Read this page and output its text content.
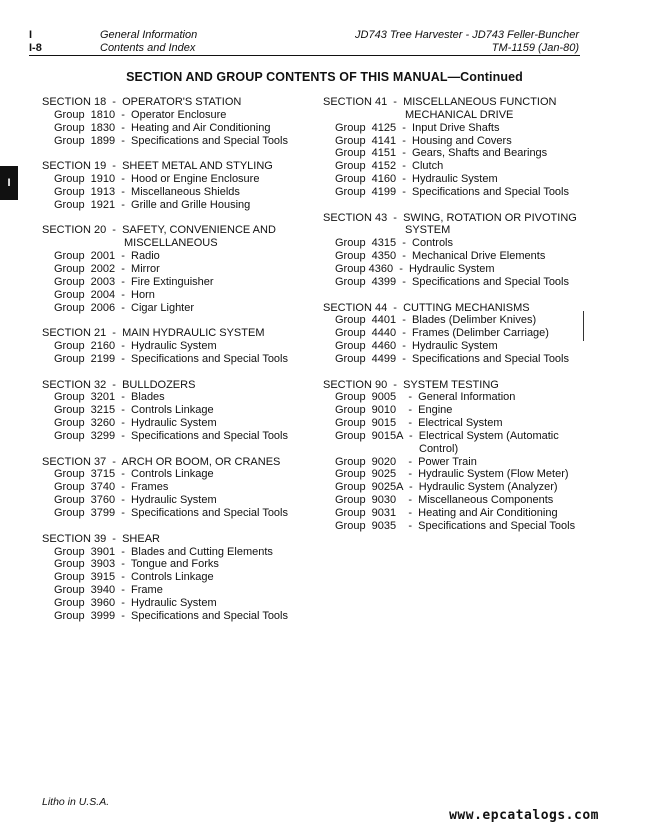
I
I-8
General Information
Contents and Index
JD743 Tree Harvester - JD743 Feller-Buncher
TM-1159 (Jan-80)
SECTION AND GROUP CONTENTS OF THIS MANUAL—Continued
I
SECTION 18  -  OPERATOR'S STATION
Group  1810  -  Operator Enclosure
Group  1830  -  Heating and Air Conditioning
Group  1899  -  Specifications and Special Tools
SECTION 19  -  SHEET METAL AND STYLING
Group  1910  -  Hood or Engine Enclosure
Group  1913  -  Miscellaneous Shields
Group  1921  -  Grille and Grille Housing
SECTION 20  -  SAFETY, CONVENIENCE AND
MISCELLANEOUS
Group  2001  -  Radio
Group  2002  -  Mirror
Group  2003  -  Fire Extinguisher
Group  2004  -  Horn
Group  2006  -  Cigar Lighter
SECTION 21  -  MAIN HYDRAULIC SYSTEM
Group  2160  -  Hydraulic System
Group  2199  -  Specifications and Special Tools
SECTION 32  -  BULLDOZERS
Group  3201  -  Blades
Group  3215  -  Controls Linkage
Group  3260  -  Hydraulic System
Group  3299  -  Specifications and Special Tools
SECTION 37  -  ARCH OR BOOM, OR CRANES
Group  3715  -  Controls Linkage
Group  3740  -  Frames
Group  3760  -  Hydraulic System
Group  3799  -  Specifications and Special Tools
SECTION 39  -  SHEAR
Group  3901  -  Blades and Cutting Elements
Group  3903  -  Tongue and Forks
Group  3915  -  Controls Linkage
Group  3940  -  Frame
Group  3960  -  Hydraulic System
Group  3999  -  Specifications and Special Tools
SECTION 41  -  MISCELLANEOUS FUNCTION
MECHANICAL DRIVE
Group  4125  -  Input Drive Shafts
Group  4141  -  Housing and Covers
Group  4151  -  Gears, Shafts and Bearings
Group  4152  -  Clutch
Group  4160  -  Hydraulic System
Group  4199  -  Specifications and Special Tools
SECTION 43  -  SWING, ROTATION OR PIVOTING
SYSTEM
Group  4315  -  Controls
Group  4350  -  Mechanical Drive Elements
Group 4360  -  Hydraulic System
Group  4399  -  Specifications and Special Tools
SECTION 44  -  CUTTING MECHANISMS
Group  4401  -  Blades (Delimber Knives)
Group  4440  -  Frames (Delimber Carriage)
Group  4460  -  Hydraulic System
Group  4499  -  Specifications and Special Tools
SECTION 90  -  SYSTEM TESTING
Group  9005    -  General Information
Group  9010    -  Engine
Group  9015    -  Electrical System
Group  9015A  -  Electrical System (Automatic
Control)
Group  9020    -  Power Train
Group  9025    -  Hydraulic System (Flow Meter)
Group  9025A  -  Hydraulic System (Analyzer)
Group  9030    -  Miscellaneous Components
Group  9031    -  Heating and Air Conditioning
Group  9035    -  Specifications and Special Tools
Litho in U.S.A.
www.epcatalogs.com
